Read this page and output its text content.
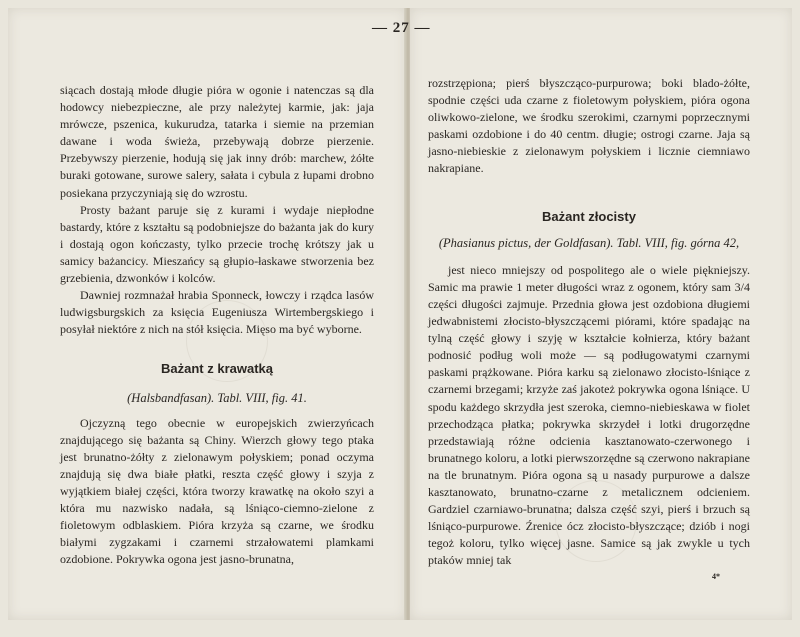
— 27 —

siącach dostają młode długie pióra w ogonie i natenczas są dla hodowcy niebezpieczne, ale przy należytej karmie, jak: jaja mrówcze, pszenica, kukurudza, tatarka i siemie na przemian dawane i woda świeża, przebywają dobrze pierzenie. Przebywszy pierzenie, hodują się jak inny drób: marchew, żółte buraki gotowane, surowe salery, sałata i cybula z łupami drobno posiekana przyczyniają się do wzrostu.

Prosty bażant paruje się z kurami i wydaje niepłodne bastardy, które z kształtu są podobniejsze do bażanta jak do kury i dostają ogon kończasty, tylko przecie trochę krótszy jak u samicy bażancicy. Mieszańcy są głupio-łaskawe stworzenia bez grzebienia, dzwonków i kolców.

Dawniej rozmnażał hrabia Sponneck, łowczy i rządca lasów ludwigsburgskich za księcia Eugeniusza Wirtembergskiego i posyłał niektóre z nich na stół księcia. Mięso ma być wyborne.

Bażant z krawatką

(Halsbandfasan). Tabl. VIII, fig. 41.

Ojczyzną tego obecnie w europejskich zwierzyńcach znajdującego się bażanta są Chiny. Wierzch głowy tego ptaka jest brunatno-żółty z zielonawym połyskiem; ponad oczyma znajdują się dwa białe płatki, reszta część głowy i szyja z wyjątkiem białej części, która tworzy krawatkę na około szyi a która mu nazwisko nadała, są lśniąco-ciemno-zielone z fioletowym odblaskiem. Pióra krzyża są czarne, we środku białymi zygzakami i czarnemi strzałowatemi plamkami ozdobione. Pokrywka ogona jest jasno-brunatna,

rozstrzępiona; pierś błyszcząco-purpurowa; boki blado-żółte, spodnie części uda czarne z fioletowym połyskiem, pióra ogona oliwkowo-zielone, we środku szerokimi, czarnymi poprzecznymi paskami ozdobione i do 40 centm. długie; ostrogi czarne. Jaja są jasno-niebieskie z zielonawym połyskiem i licznie ciemniawo nakrapiane.

Bażant złocisty

(Phasianus pictus, der Goldfasan). Tabl. VIII, fig. górna 42,

jest nieco mniejszy od pospolitego ale o wiele piękniejszy. Samic ma prawie 1 meter długości wraz z ogonem, który sam 3/4 części długości zajmuje. Przednia głowa jest ozdobiona długiemi jedwabnistemi złocisto-błyszczącemi piórami, które spadając na tylną część głowy i szyję w kształcie kołnierza, który bażant podnosić podług woli może — są podługowatymi czarnymi paskami prążkowane. Pióra karku są zielonawo złocisto-lśniące z czarnemi brzegami; krzyże zaś jakoteż pokrywka ogona lśniące. U spodu każdego skrzydła jest szeroka, ciemno-niebieskawa w fiolet przechodząca płatka; pokrywka skrzydeł i lotki drugorzędne przedstawiają różne odcienia kasztanowato-czerwonego i brunatnego koloru, a lotki pierwszorzędne są czerwono nakrapiane na tle brunatnym. Pióra ogona są u nasady purpurowe a dalsze kasztanowato, brunatno-czarne z metalicznem odcieniem. Gardziel czarniawo-brunatna; dalsza część szyi, pierś i brzuch są lśniąco-purpurowe. Źrenice ócz złocisto-błyszczące; dziób i nogi tegoż koloru, tylko więcej jasne. Samice są jak zwykle u tych ptaków mniej tak

4*
